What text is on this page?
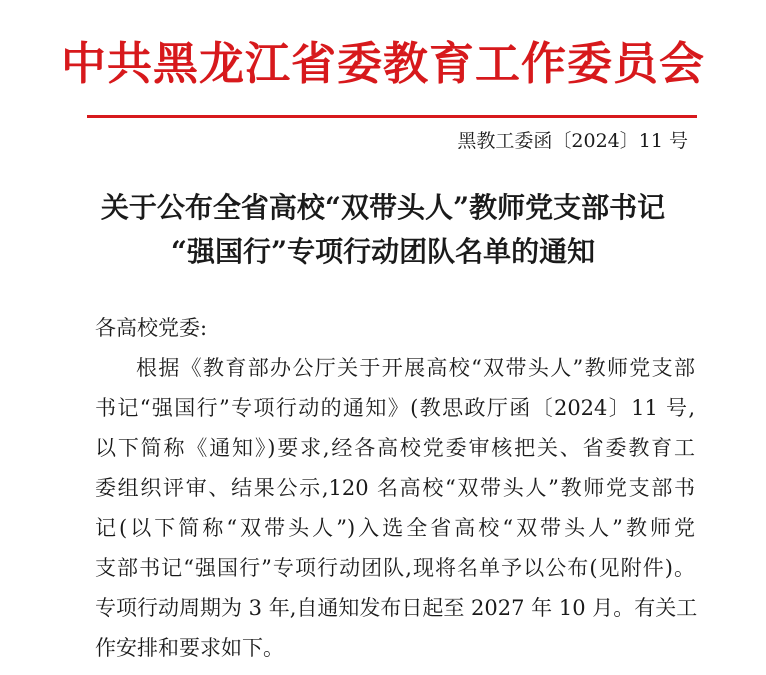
中共黑龙江省委教育工作委员会
黑教工委函〔2024〕11 号
关于公布全省高校“双带头人”教师党支部书记
“强国行”专项行动团队名单的通知
各高校党委:
根据《教育部办公厅关于开展高校“双带头人”教师党支部
书记“强国行”专项行动的通知》(教思政厅函〔2024〕11 号,
以下简称《通知》)要求,经各高校党委审核把关、省委教育工
委组织评审、结果公示,120 名高校“双带头人”教师党支部书
记(以下简称“双带头人”)入选全省高校“双带头人”教师党
支部书记“强国行”专项行动团队,现将名单予以公布(见附件)。
专项行动周期为 3 年,自通知发布日起至 2027 年 10 月。有关工
作安排和要求如下。
